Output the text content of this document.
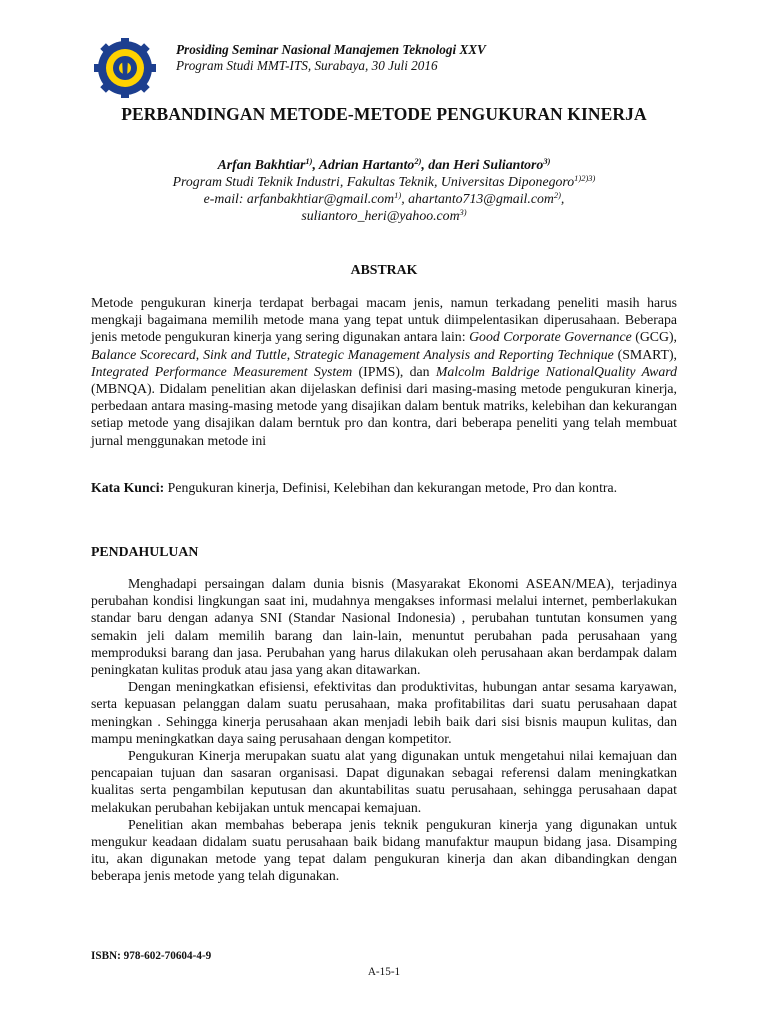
Prosiding Seminar Nasional Manajemen Teknologi XXV
Program Studi MMT-ITS, Surabaya, 30 Juli 2016
PERBANDINGAN METODE-METODE PENGUKURAN KINERJA
Arfan Bakhtiar$^{1)}$, Adrian Hartanto$^{2)}$, dan Heri Suliantoro$^{3)}$
Program Studi Teknik Industri, Fakultas Teknik, Universitas Diponegoro$^{1)2)3)}$
e-mail: arfanbakhtiar@gmail.com$^{1)}$, ahartanto713@gmail.com$^{2)}$,
suliantoro_heri@yahoo.com$^{3)}$
ABSTRAK

Metode pengukuran kinerja terdapat berbagai macam jenis, namun terkadang peneliti masih harus mengkaji bagaimana memilih metode mana yang tepat untuk diimpelentasikan diperusahaan. Beberapa jenis metode pengukuran kinerja yang sering digunakan antara lain: Good Corporate Governance (GCG), Balance Scorecard, Sink and Tuttle, Strategic Management Analysis and Reporting Technique (SMART), Integrated Performance Measurement System (IPMS), dan Malcolm Baldrige NationalQuality Award (MBNQA). Didalam penelitian akan dijelaskan definisi dari masing-masing metode pengukuran kinerja, perbedaan antara masing-masing metode yang disajikan dalam bentuk matriks, kelebihan dan kekurangan setiap metode yang disajikan dalam berntuk pro dan kontra, dari beberapa peneliti yang telah membuat jurnal menggunakan metode ini

Kata Kunci: Pengukuran kinerja, Definisi, Kelebihan dan kekurangan metode, Pro dan kontra.

PENDAHULUAN

Menghadapi persaingan dalam dunia bisnis (Masyarakat Ekonomi ASEAN/MEA), terjadinya perubahan kondisi lingkungan saat ini, mudahnya mengakses informasi melalui internet, pemberlakukan standar baru dengan adanya SNI (Standar Nasional Indonesia) , perubahan tuntutan konsumen yang semakin jeli dalam memilih barang dan lain-lain, menuntut perubahan pada perusahaan yang memproduksi barang dan jasa. Perubahan yang harus dilakukan oleh perusahaan akan berdampak dalam peningkatan kulitas produk atau jasa yang akan ditawarkan.

Dengan meningkatkan efisiensi, efektivitas dan produktivitas, hubungan antar sesama karyawan, serta kepuasan pelanggan dalam suatu perusahaan, maka profitabilitas dari suatu perusahaan dapat meningkan . Sehingga kinerja perusahaan akan menjadi lebih baik dari sisi bisnis maupun kulitas, dan mampu meningkatkan daya saing perusahaan dengan kompetitor.

Pengukuran Kinerja merupakan suatu alat yang digunakan untuk mengetahui nilai kemajuan dan pencapaian tujuan dan sasaran organisasi. Dapat digunakan sebagai referensi dalam meningkatkan kualitas serta pengambilan keputusan dan akuntabilitas suatu perusahaan, sehingga perusahaan dapat melakukan perubahan kebijakan untuk mencapai kemajuan.

Penelitian akan membahas beberapa jenis teknik pengukuran kinerja yang digunakan untuk mengukur keadaan didalam suatu perusahaan baik bidang manufaktur maupun bidang jasa. Disamping itu, akan digunakan metode yang tepat dalam pengukuran kinerja dan akan dibandingkan dengan beberapa jenis metode yang telah digunakan.

ISBN: 978-602-70604-4-9
A-15-1
